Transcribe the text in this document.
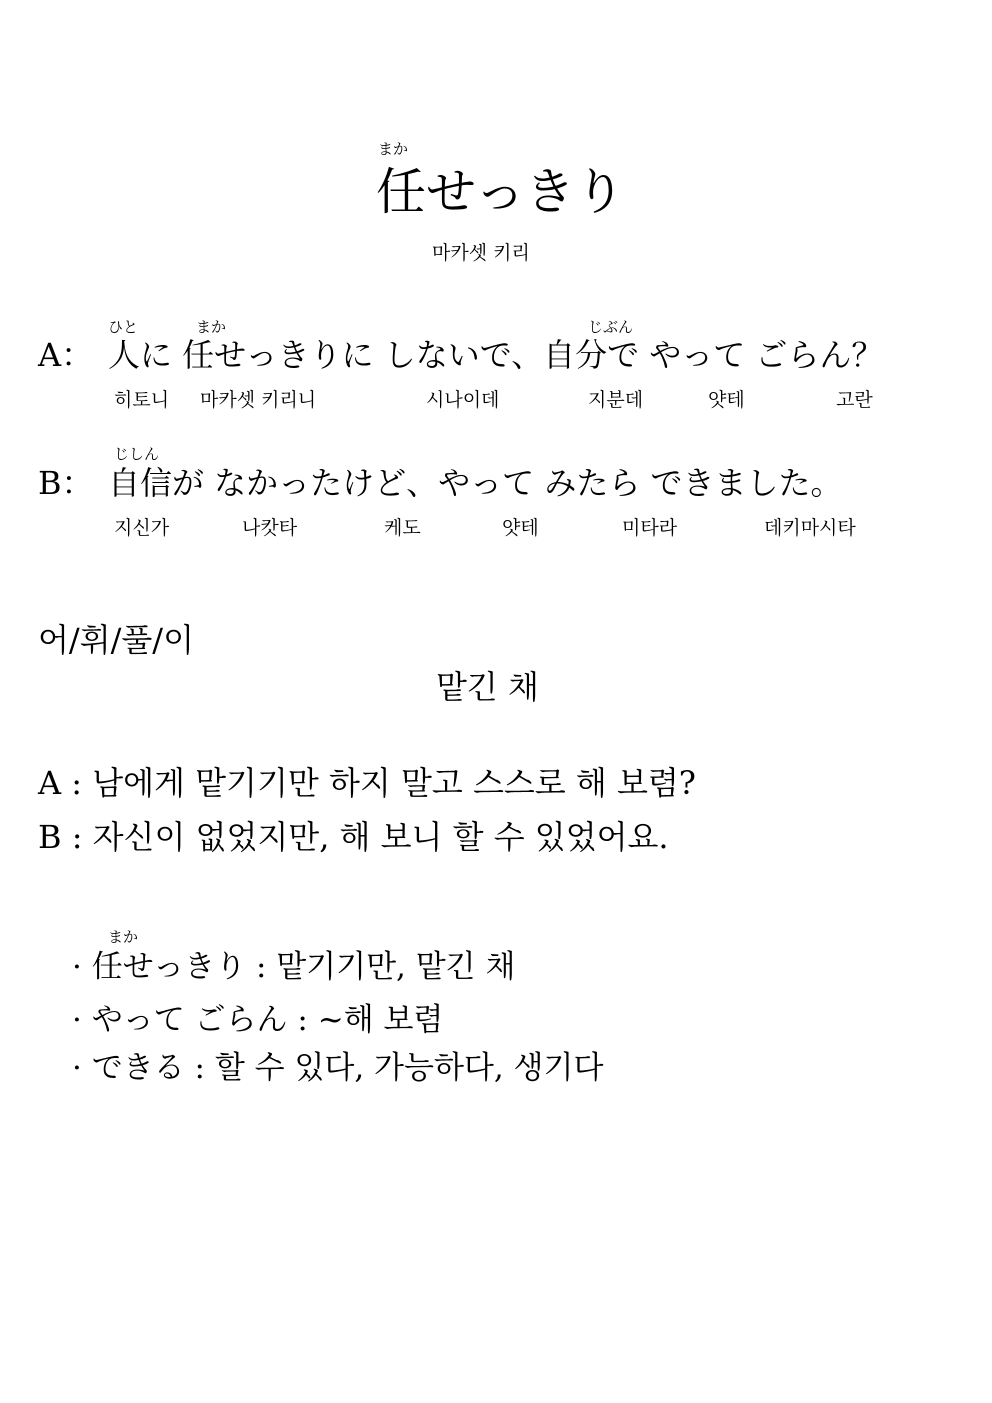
まか
任せっきり
마카셋 키리
ひと	まか	じぶん
A： 人に 任せっきりに しないで、自分で やって ごらん？
히토니 마카셋 키리니	시나이데	지분데	얏테	고란
じしん
B： 自信が なかったけど、やって みたら できました。
지신가	나캇타	케도	얏테	미타라	데키마시타
어/휘/풀/이
맡긴 채
A : 남에게 맡기기만 하지 말고 스스로 해 보렴?
B : 자신이 없었지만, 해 보니 할 수 있었어요.
まか
· 任せっきり : 맡기기만, 맡긴 채
· やって ごらん : ~해 보렴
· できる : 할 수 있다, 가능하다, 생기다
